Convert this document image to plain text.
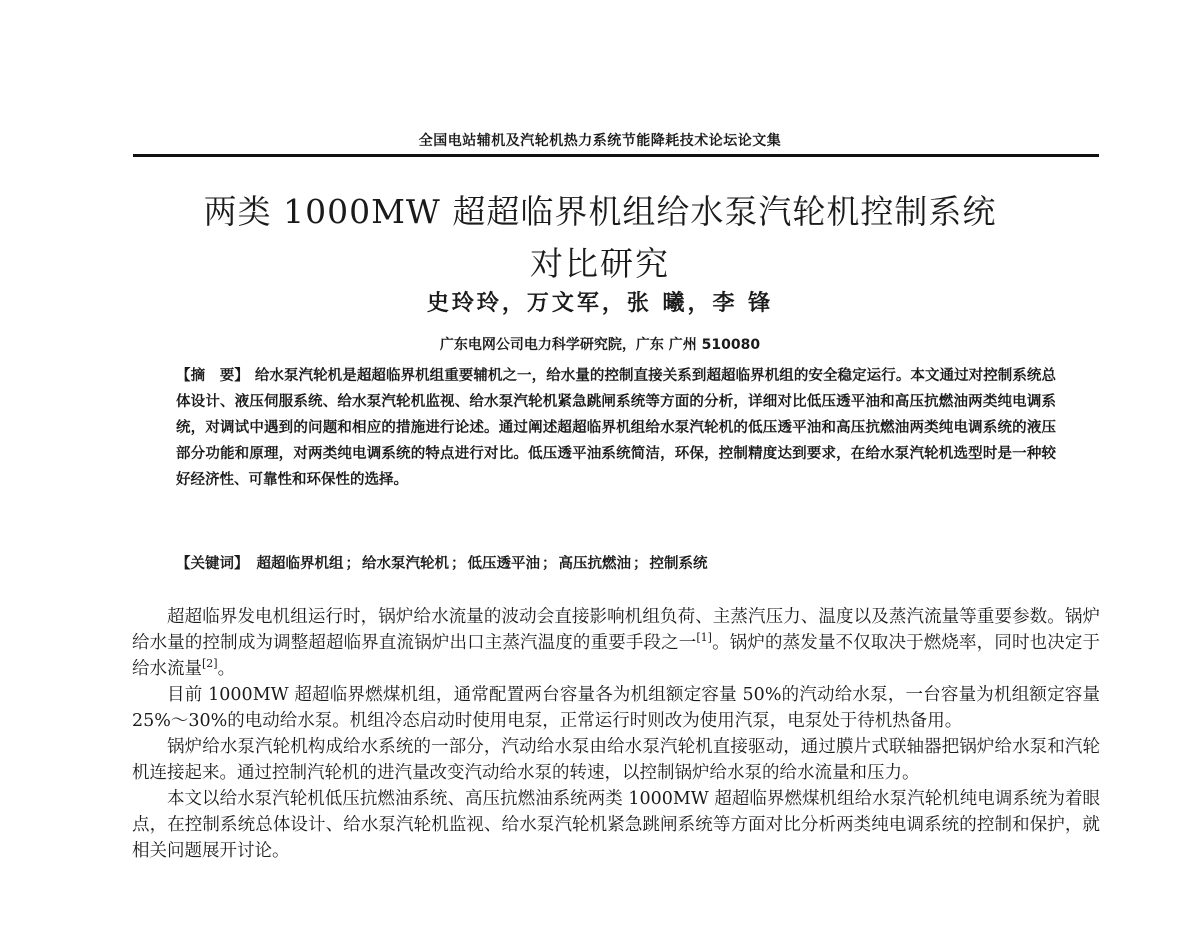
全国电站辅机及汽轮机热力系统节能降耗技术论坛论文集
两类 1000MW 超超临界机组给水泵汽轮机控制系统
对比研究
史玲玲，万文军，张 曦，李 锋
广东电网公司电力科学研究院，广东 广州 510080
【摘　要】 给水泵汽轮机是超超临界机组重要辅机之一，给水量的控制直接关系到超超临界机组的安全稳定运行。本文通过对控制系统总体设计、液压伺服系统、给水泵汽轮机监视、给水泵汽轮机紧急跳闸系统等方面的分析，详细对比低压透平油和高压抗燃油两类纯电调系统，对调试中遇到的问题和相应的措施进行论述。通过阐述超超临界机组给水泵汽轮机的低压透平油和高压抗燃油两类纯电调系统的液压部分功能和原理，对两类纯电调系统的特点进行对比。低压透平油系统简洁，环保，控制精度达到要求，在给水泵汽轮机选型时是一种较好经济性、可靠性和环保性的选择。
【关键词】 超超临界机组 ； 给水泵汽轮机 ； 低压透平油 ； 高压抗燃油 ； 控制系统

超超临界发电机组运行时，锅炉给水流量的波动会直接影响机组负荷、主蒸汽压力、温度以及蒸汽流量等重要参数。锅炉给水量的控制成为调整超超临界直流锅炉出口主蒸汽温度的重要手段之一[1]。锅炉的蒸发量不仅取决于燃烧率，同时也决定于给水流量[2]。

目前 1000MW 超超临界燃煤机组，通常配置两台容量各为机组额定容量 50%的汽动给水泵，一台容量为机组额定容量 25%～30%的电动给水泵。机组冷态启动时使用电泵，正常运行时则改为使用汽泵，电泵处于待机热备用。

锅炉给水泵汽轮机构成给水系统的一部分，汽动给水泵由给水泵汽轮机直接驱动，通过膜片式联轴器把锅炉给水泵和汽轮机连接起来。通过控制汽轮机的进汽量改变汽动给水泵的转速，以控制锅炉给水泵的给水流量和压力。

本文以给水泵汽轮机低压抗燃油系统、高压抗燃油系统两类 1000MW 超超临界燃煤机组给水泵汽轮机纯电调系统为着眼点，在控制系统总体设计、给水泵汽轮机监视、给水泵汽轮机紧急跳闸系统等方面对比分析两类纯电调系统的控制和保护，就相关问题展开讨论。
